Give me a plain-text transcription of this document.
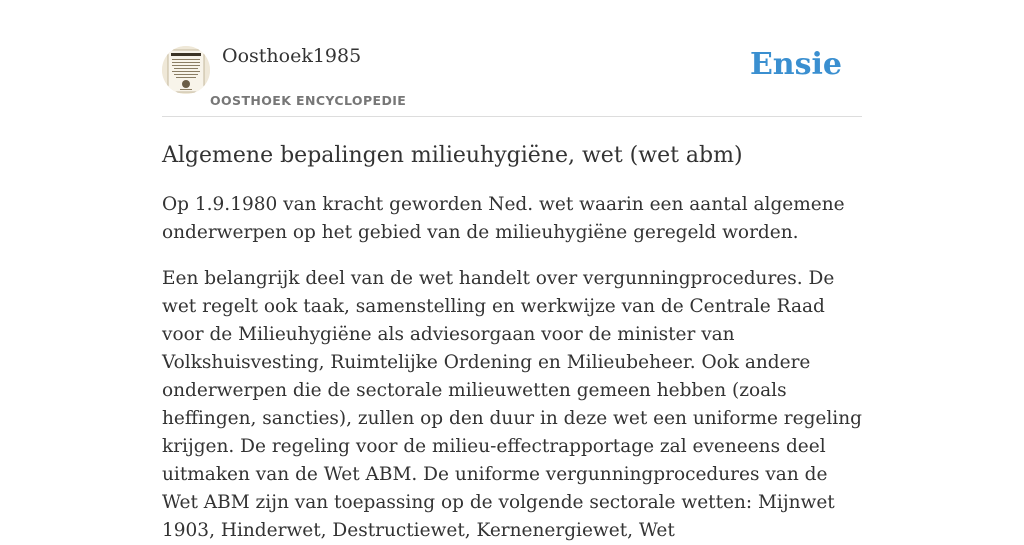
Oosthoek1985
OOSTHOEK ENCYCLOPEDIE
Ensie
Algemene bepalingen milieuhygiëne, wet (wet abm)

Op 1.9.1980 van kracht geworden Ned. wet waarin een aantal algemene onderwerpen op het gebied van de milieuhygiëne geregeld worden.

Een belangrijk deel van de wet handelt over vergunningprocedures. De wet regelt ook taak, samenstelling en werkwijze van de Centrale Raad voor de Milieuhygiëne als adviesorgaan voor de minister van Volkshuisvesting, Ruimtelijke Ordening en Milieubeheer. Ook andere onderwerpen die de sectorale milieuwetten gemeen hebben (zoals heffingen, sancties), zullen op den duur in deze wet een uniforme regeling krijgen. De regeling voor de milieu-effectrapportage zal eveneens deel uitmaken van de Wet ABM. De uniforme vergunningprocedures van de Wet ABM zijn van toepassing op de volgende sectorale wetten: Mijnwet 1903, Hinderwet, Destructiewet, Kernenergiewet, Wet
